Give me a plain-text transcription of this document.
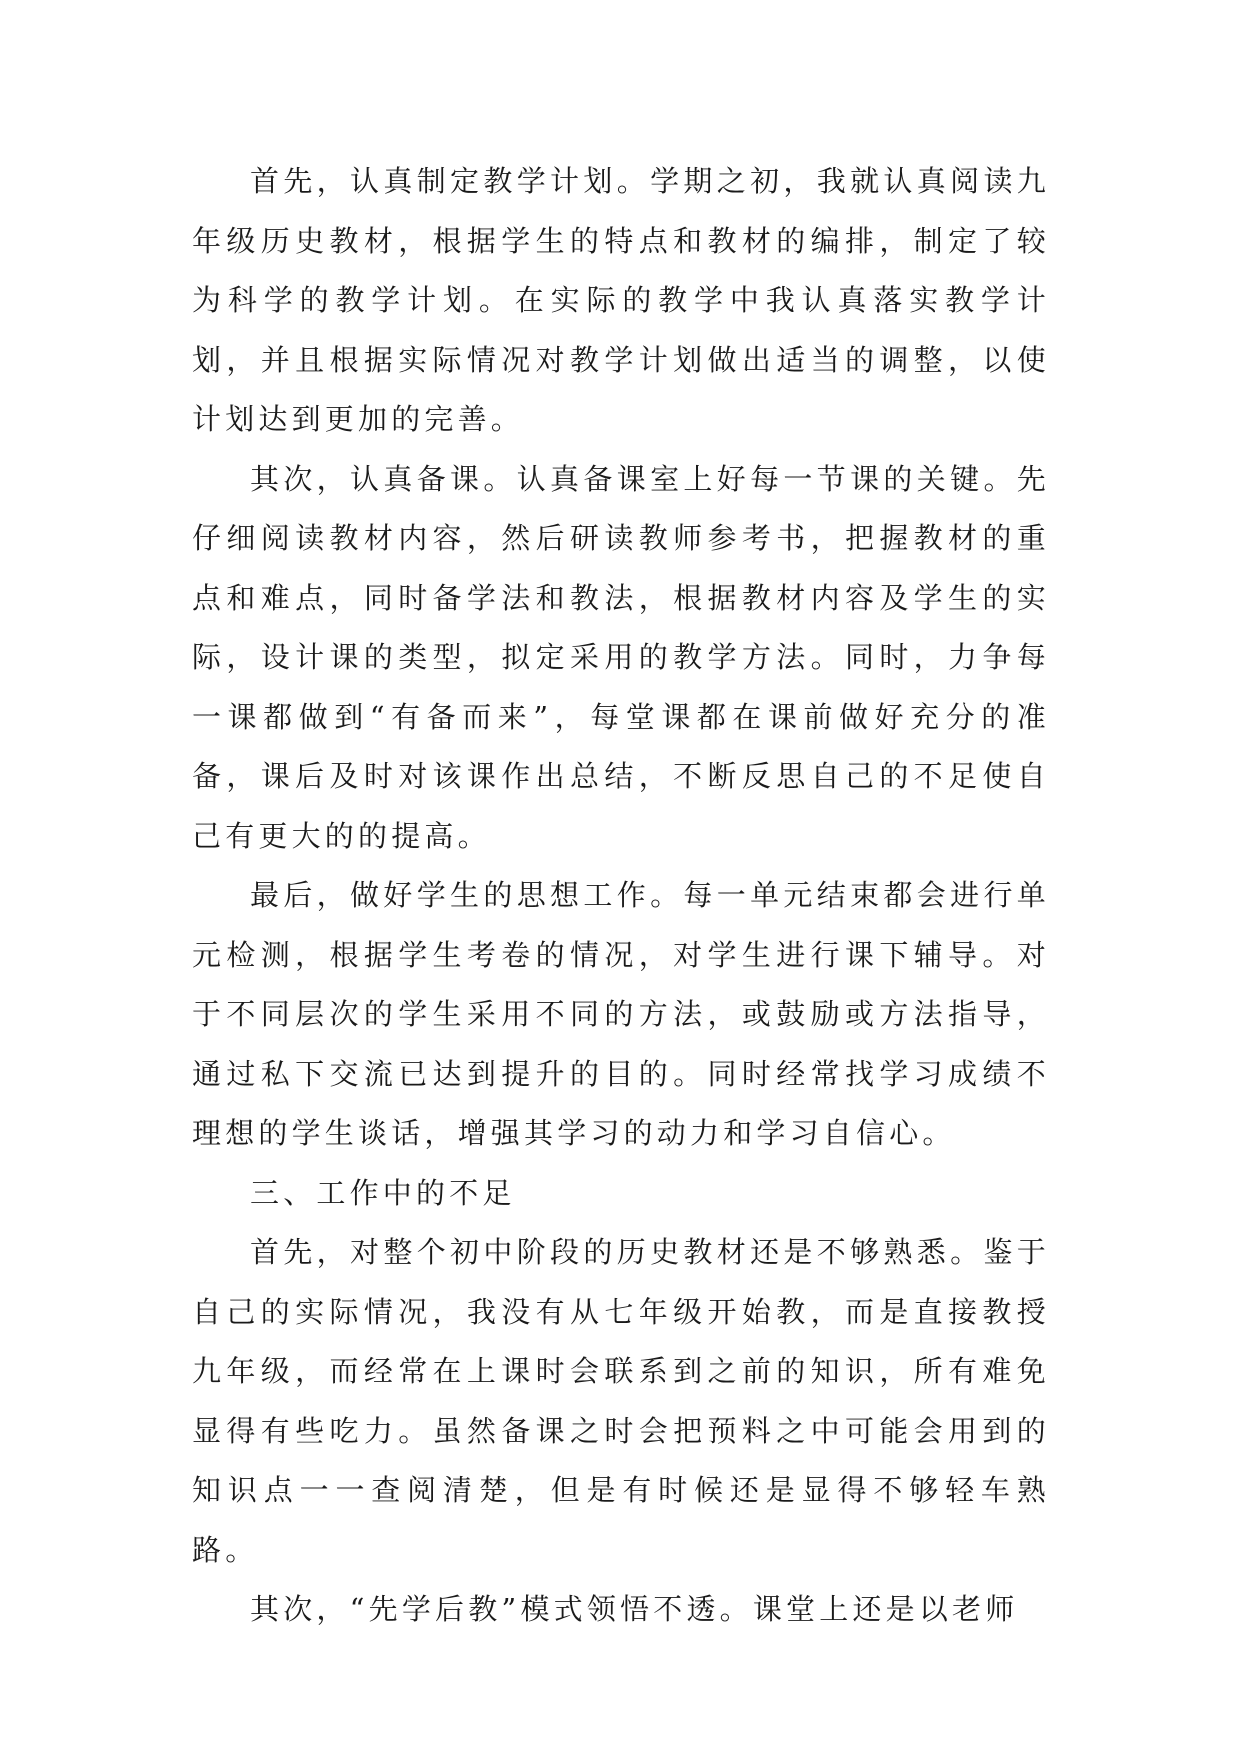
首先，认真制定教学计划。学期之初，我就认真阅读九年级历史教材，根据学生的特点和教材的编排，制定了较为科学的教学计划。在实际的教学中我认真落实教学计划，并且根据实际情况对教学计划做出适当的调整，以使计划达到更加的完善。

其次，认真备课。认真备课室上好每一节课的关键。先仔细阅读教材内容，然后研读教师参考书，把握教材的重点和难点，同时备学法和教法，根据教材内容及学生的实际，设计课的类型，拟定采用的教学方法。同时，力争每一课都做到“有备而来”，每堂课都在课前做好充分的准备，课后及时对该课作出总结，不断反思自己的不足使自己有更大的的提高。

最后，做好学生的思想工作。每一单元结束都会进行单元检测，根据学生考卷的情况，对学生进行课下辅导。对于不同层次的学生采用不同的方法，或鼓励或方法指导，通过私下交流已达到提升的目的。同时经常找学习成绩不理想的学生谈话，增强其学习的动力和学习自信心。

三、工作中的不足

首先，对整个初中阶段的历史教材还是不够熟悉。鉴于自己的实际情况，我没有从七年级开始教，而是直接教授九年级，而经常在上课时会联系到之前的知识，所有难免显得有些吃力。虽然备课之时会把预料之中可能会用到的知识点一一查阅清楚，但是有时候还是显得不够轻车熟路。

其次，“先学后教”模式领悟不透。课堂上还是以老师
